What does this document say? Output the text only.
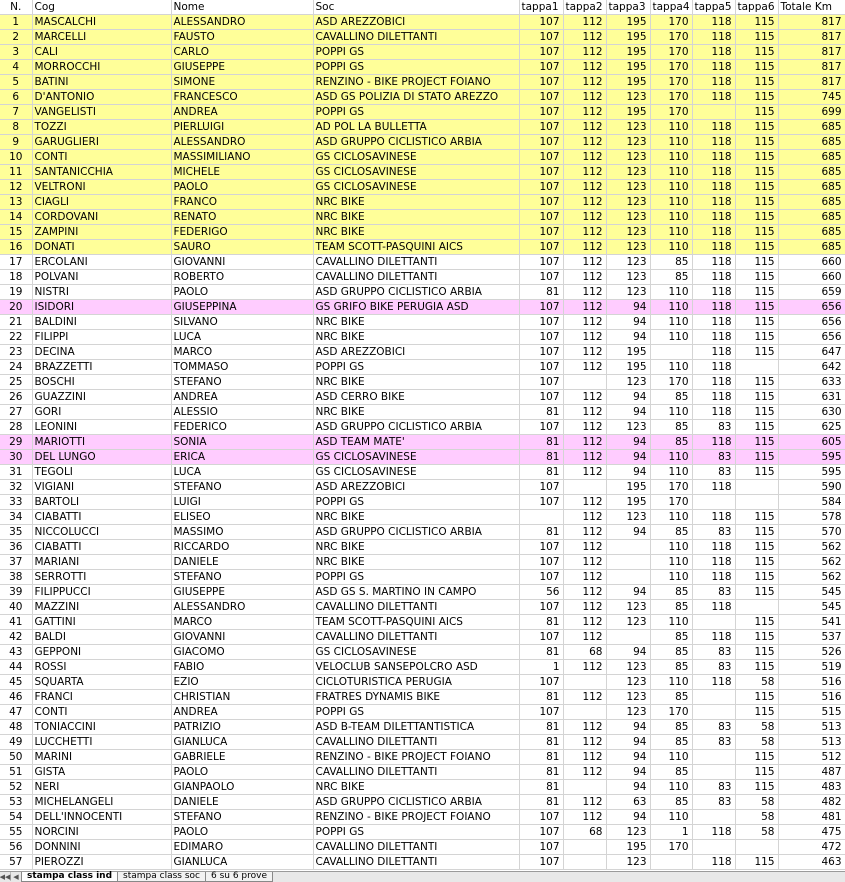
N.	Cog	Nome	Soc	tappa1	tappa2	tappa3	tappa4	tappa5	tappa6	Totale Km
1	MASCALCHI	ALESSANDRO	ASD AREZZOBICI	107	112	195	170	118	115	817
2	MARCELLI	FAUSTO	CAVALLINO DILETTANTI	107	112	195	170	118	115	817
3	CALI	CARLO	POPPI GS	107	112	195	170	118	115	817
4	MORROCCHI	GIUSEPPE	POPPI GS	107	112	195	170	118	115	817
5	BATINI	SIMONE	RENZINO - BIKE PROJECT FOIANO	107	112	195	170	118	115	817
6	D'ANTONIO	FRANCESCO	ASD GS POLIZIA DI STATO AREZZO	107	112	123	170	118	115	745
7	VANGELISTI	ANDREA	POPPI GS	107	112	195	170		115	699
8	TOZZI	PIERLUIGI	AD POL LA BULLETTA	107	112	123	110	118	115	685
9	GARUGLIERI	ALESSANDRO	ASD GRUPPO CICLISTICO ARBIA	107	112	123	110	118	115	685
10	CONTI	MASSIMILIANO	GS CICLOSAVINESE	107	112	123	110	118	115	685
11	SANTANICCHIA	MICHELE	GS CICLOSAVINESE	107	112	123	110	118	115	685
12	VELTRONI	PAOLO	GS CICLOSAVINESE	107	112	123	110	118	115	685
13	CIAGLI	FRANCO	NRC BIKE	107	112	123	110	118	115	685
14	CORDOVANI	RENATO	NRC BIKE	107	112	123	110	118	115	685
15	ZAMPINI	FEDERIGO	NRC BIKE	107	112	123	110	118	115	685
16	DONATI	SAURO	TEAM SCOTT-PASQUINI AICS	107	112	123	110	118	115	685
17	ERCOLANI	GIOVANNI	CAVALLINO DILETTANTI	107	112	123	85	118	115	660
18	POLVANI	ROBERTO	CAVALLINO DILETTANTI	107	112	123	85	118	115	660
19	NISTRI	PAOLO	ASD GRUPPO CICLISTICO ARBIA	81	112	123	110	118	115	659
20	ISIDORI	GIUSEPPINA	GS GRIFO BIKE PERUGIA ASD	107	112	94	110	118	115	656
21	BALDINI	SILVANO	NRC BIKE	107	112	94	110	118	115	656
22	FILIPPI	LUCA	NRC BIKE	107	112	94	110	118	115	656
23	DECINA	MARCO	ASD AREZZOBICI	107	112	195		118	115	647
24	BRAZZETTI	TOMMASO	POPPI GS	107	112	195	110	118		642
25	BOSCHI	STEFANO	NRC BIKE	107		123	170	118	115	633
26	GUAZZINI	ANDREA	ASD CERRO BIKE	107	112	94	85	118	115	631
27	GORI	ALESSIO	NRC BIKE	81	112	94	110	118	115	630
28	LEONINI	FEDERICO	ASD GRUPPO CICLISTICO ARBIA	107	112	123	85	83	115	625
29	MARIOTTI	SONIA	ASD TEAM MATE'	81	112	94	85	118	115	605
30	DEL LUNGO	ERICA	GS CICLOSAVINESE	81	112	94	110	83	115	595
31	TEGOLI	LUCA	GS CICLOSAVINESE	81	112	94	110	83	115	595
32	VIGIANI	STEFANO	ASD AREZZOBICI	107		195	170	118		590
33	BARTOLI	LUIGI	POPPI GS	107	112	195	170			584
34	CIABATTI	ELISEO	NRC BIKE		112	123	110	118	115	578
35	NICCOLUCCI	MASSIMO	ASD GRUPPO CICLISTICO ARBIA	81	112	94	85	83	115	570
36	CIABATTI	RICCARDO	NRC BIKE	107	112		110	118	115	562
37	MARIANI	DANIELE	NRC BIKE	107	112		110	118	115	562
38	SERROTTI	STEFANO	POPPI GS	107	112		110	118	115	562
39	FILIPPUCCI	GIUSEPPE	ASD GS S. MARTINO IN CAMPO	56	112	94	85	83	115	545
40	MAZZINI	ALESSANDRO	CAVALLINO DILETTANTI	107	112	123	85	118		545
41	GATTINI	MARCO	TEAM SCOTT-PASQUINI AICS	81	112	123	110		115	541
42	BALDI	GIOVANNI	CAVALLINO DILETTANTI	107	112		85	118	115	537
43	GEPPONI	GIACOMO	GS CICLOSAVINESE	81	68	94	85	83	115	526
44	ROSSI	FABIO	VELOCLUB SANSEPOLCRO ASD	1	112	123	85	83	115	519
45	SQUARTA	EZIO	CICLOTURISTICA PERUGIA	107		123	110	118	58	516
46	FRANCI	CHRISTIAN	FRATRES DYNAMIS BIKE	81	112	123	85		115	516
47	CONTI	ANDREA	POPPI GS	107		123	170		115	515
48	TONIACCINI	PATRIZIO	ASD B-TEAM DILETTANTISTICA	81	112	94	85	83	58	513
49	LUCCHETTI	GIANLUCA	CAVALLINO DILETTANTI	81	112	94	85	83	58	513
50	MARINI	GABRIELE	RENZINO - BIKE PROJECT FOIANO	81	112	94	110		115	512
51	GISTA	PAOLO	CAVALLINO DILETTANTI	81	112	94	85		115	487
52	NERI	GIANPAOLO	NRC BIKE	81		94	110	83	115	483
53	MICHELANGELI	DANIELE	ASD GRUPPO CICLISTICO ARBIA	81	112	63	85	83	58	482
54	DELL'INNOCENTI	STEFANO	RENZINO - BIKE PROJECT FOIANO	107	112	94	110		58	481
55	NORCINI	PAOLO	POPPI GS	107	68	123	1	118	58	475
56	DONNINI	EDIMARO	CAVALLINO DILETTANTI	107		195	170			472
57	PIEROZZI	GIANLUCA	CAVALLINO DILETTANTI	107		123		118	115	463
◀◀ ◀ stampa class ind	stampa class soc	6 su 6 prove
